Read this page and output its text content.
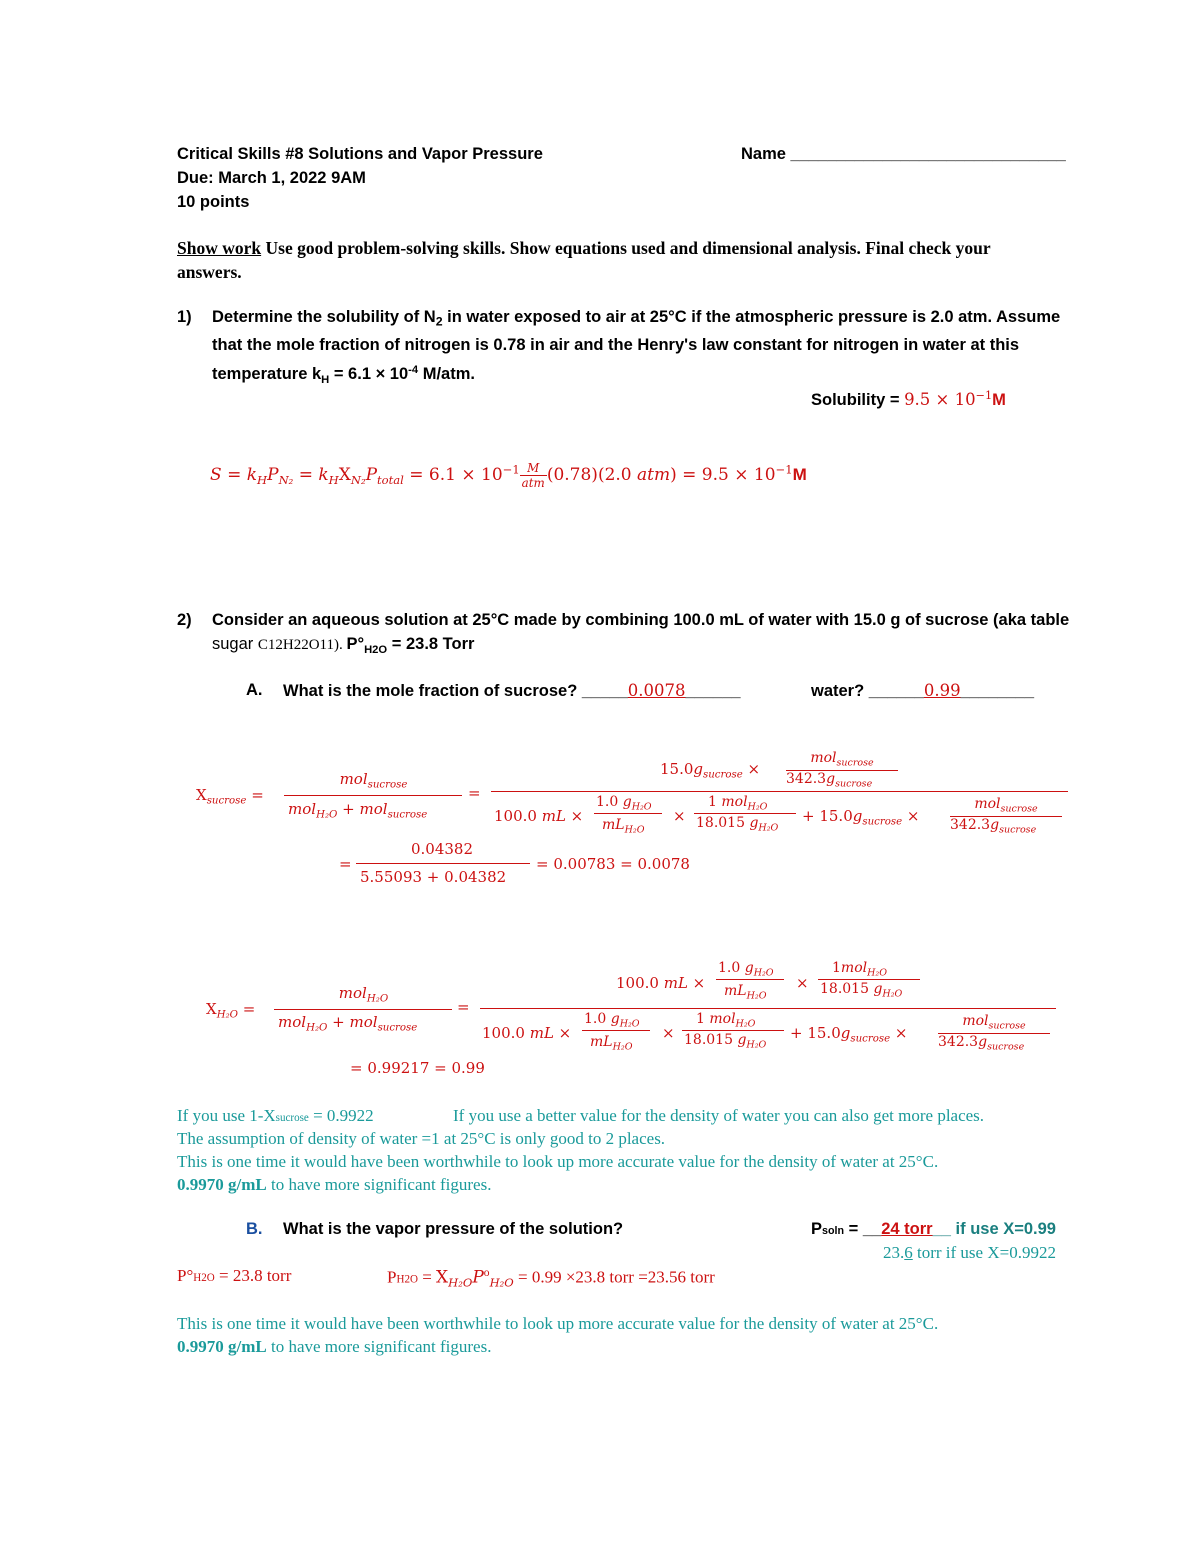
Critical Skills #8 Solutions and Vapor Pressure	Name ______________________________
Due: March 1, 2022 9AM
10 points
Show work Use good problem-solving skills. Show equations used and dimensional analysis. Final check your
answers.
1) Determine the solubility of $N_2$ in water exposed to air at 25°C if the atmospheric pressure is 2.0 atm. Assume
that the mole fraction of nitrogen is 0.78 in air and the Henry's law constant for nitrogen in water at this
temperature $k_H = 6.1 \times 10^{-4}$ M/atm.
Solubility = $9.5 \times 10^{-1}M$
$S = k_HP_{N_2} = k_HX_{N_2}P_{total} = 6.1 \times 10^{-1} \frac{M}{\text{atm}} (0.78)(2.0$ $atm) = 9.5 \times 10^{-1}M$
2) Consider an aqueous solution at 25°C made by combining 100.0 mL of water with 15.0 g of sucrose (aka table
sugar C12H22O11). $P^\circ_{H2O} = 23.8$ Torr
A. What is the mole fraction of sucrose? _____0.0078______	water? ______0.99________
$X_{sucrose}$ =
mol$_{sucrose}$
mol$_{H_2O}$ + mol$_{sucrose}$
=
$15.0g_{sucrose}$ ×
mol$_{sucrose}$
$342.3g_{sucrose}$
100.0 mL ×
1.0 $g_{H_2O}$
$mL_{H_2O}$
×
1 mol$_{H_2O}$
18.015 $g_{H_2O}$
+ $15.0g_{sucrose}$ ×
mol$_{sucrose}$
$342.3g_{sucrose}$
=
0.04382
5.55093 + 0.04382
= 0.00783 = 0.0078
$X_{H_2O}$ =
mol$_{H_2O}$
mol$_{H_2O}$ + mol$_{sucrose}$
=
100.0 mL ×
1.0 $g_{H_2O}$
$mL_{H_2O}$
×
1mol$_{H_2O}$
18.015 $g_{H_2O}$
100.0 mL ×
1.0 $g_{H_2O}$
$mL_{H_2O}$
×
1 mol$_{H_2O}$
18.015 $g_{H_2O}$
+ $15.0g_{sucrose}$ ×
mol$_{sucrose}$
$342.3g_{sucrose}$
= 0.99217 = 0.99
If you use 1-Xsucrose = 0.9922	If you use a better value for the density of water you can also get more places.
The assumption of density of water =1 at 25°C is only good to 2 places.
This is one time it would have been worthwhile to look up more accurate value for the density of water at 25°C.
0.9970 g/mL to have more significant figures.
B. What is the vapor pressure of the solution?	Psoln = __24 torr__ if use X=0.99
23.6 torr if use X=0.9922
P°H2O = 23.8 torr	$PH2O = X_{H_2O}P^o_{H_2O} = 0.99 \times 23.8$ torr =23.56 torr
This is one time it would have been worthwhile to look up more accurate value for the density of water at 25°C.
0.9970 g/mL to have more significant figures.
